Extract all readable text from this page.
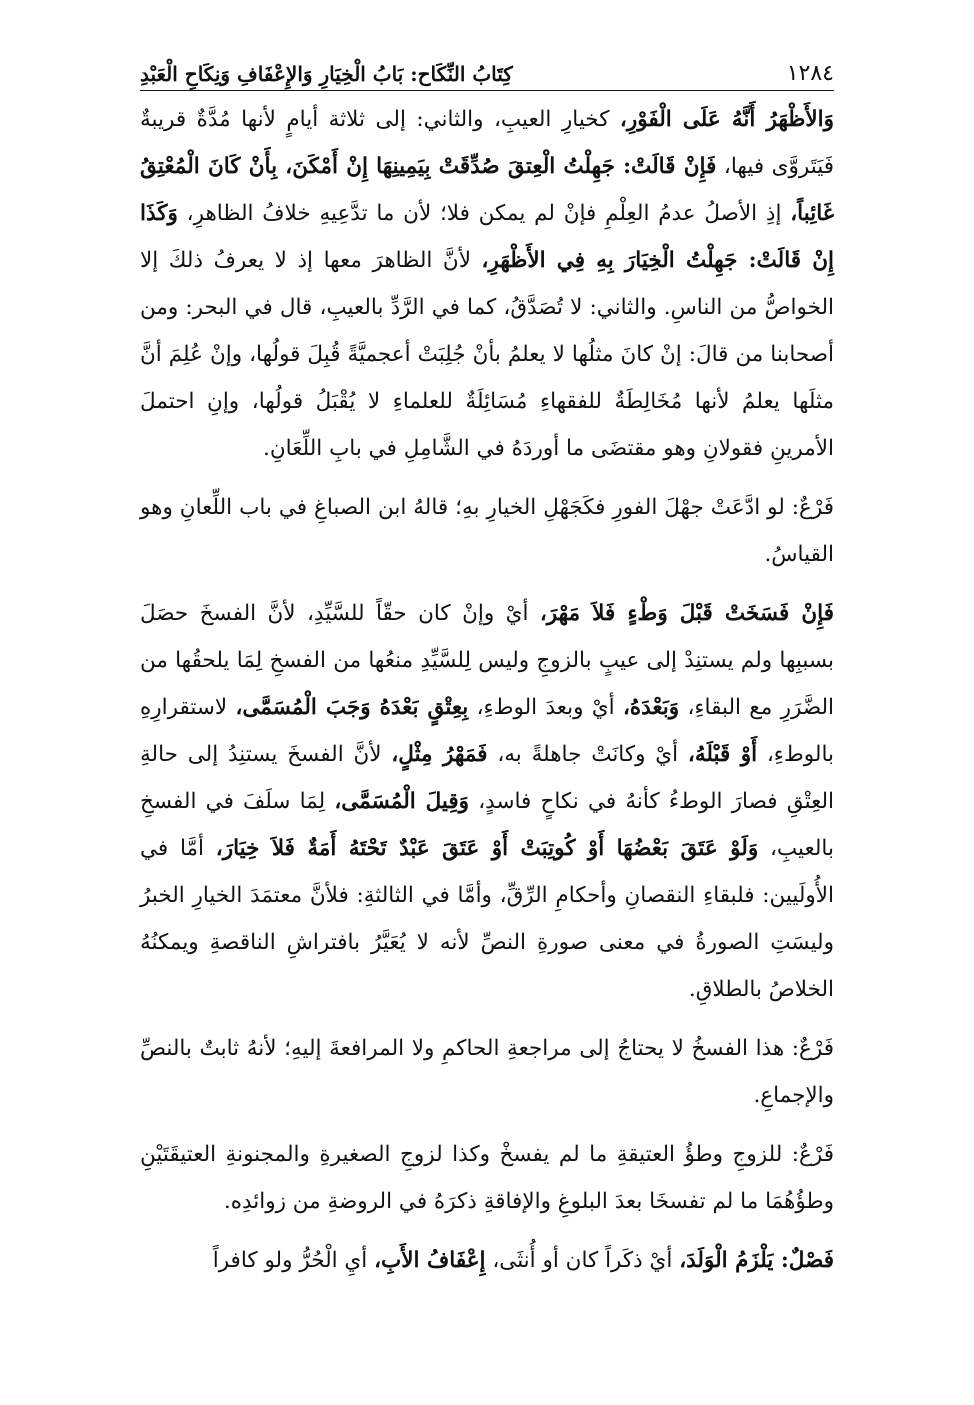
١٢٨٤
كِتَابُ النِّكَاح: بَابُ الْخِيَارِ وَالإِعْفَافِ وَنِكَاحِ الْعَبْدِ

وَالأَظْهَرُ أَنَّهُ عَلَى الْفَوْرِ، كخيارِ العيبِ، والثاني: إلى ثلاثة أيامٍ لأنها مُدَّةٌ قريبةٌ فَيَتَروَّى فيها، فَإِنْ قَالَتْ: جَهِلْتُ الْعِتقَ صُدِّقَتْ بِيَمِينِهَا إِنْ أَمْكَنَ، بِأَنْ كَانَ الْمُعْتِقُ غَائِباً، إذِ الأصلُ عدمُ العِلْمِ فإنْ لم يمكن فلا؛ لأن ما تدَّعِيهِ خلافُ الظاهرِ، وَكَذَا إِنْ قَالَتْ: جَهِلْتُ الْخِيَارَ بِهِ فِي الأَظْهَرِ، لأنَّ الظاهرَ معها إذ لا يعرفُ ذلكَ إلا الخواصُّ من الناسِ. والثاني: لا تُصَدَّقُ، كما في الرَّدِّ بالعيبِ، قال في البحر: ومن أصحابنا من قالَ: إنْ كانَ مثلُها لا يعلمُ بأنْ جُلِبَتْ أعجميَّةً قُبِلَ قولُها، وإنْ عُلِمَ أنَّ مثلَها يعلمُ لأنها مُخَالِطَةٌ للفقهاءِ مُسَائِلَةٌ للعلماءِ لا يُقْبَلُ قولُها، وإنِ احتملَ الأمرينِ فقولانِ وهو مقتضَى ما أوردَهُ في الشَّامِلِ في بابِ اللِّعَانِ.

فَرْعٌ: لو ادَّعَتْ جهْلَ الفورِ فكَجَهْلِ الخيارِ بهِ؛ قالهُ ابن الصباغِ في باب اللِّعانِ وهو القياسُ.

فَإِنْ فَسَخَتْ قَبْلَ وَطْءٍ فَلاَ مَهْرَ، أيْ وإنْ كان حقّاً للسَّيِّدِ، لأنَّ الفسخَ حصَلَ بسببِها ولم يستنِدْ إلى عيبٍ بالزوجِ وليس لِلسَّيِّدِ منعُها من الفسخِ لِمَا يلحقُها من الضَّرَرِ مع البقاءِ، وَبَعْدَهُ، أيْ وبعدَ الوطءِ، بِعِتْقٍ بَعْدَهُ وَجَبَ الْمُسَمَّى، لاستقرارِهِ بالوطءِ، أَوْ قَبْلَهُ، أيْ وكانَتْ جاهلةً به، فَمَهْرُ مِثْلٍ، لأنَّ الفسخَ يستنِدُ إلى حالةِ العِتْقِ فصارَ الوطءُ كأنهُ في نكاحٍ فاسدٍ، وَقِيلَ الْمُسَمَّى، لِمَا سلَفَ في الفسخِ بالعيبِ، وَلَوْ عَتَقَ بَعْضُهَا أَوْ كُوتِبَتْ أَوْ عَتَقَ عَبْدٌ تَحْتَهُ أَمَةٌ فَلاَ خِيَارَ، أمَّا في الأُولَيين: فلبقاءِ النقصانِ وأحكامِ الرِّقِّ، وأمَّا في الثالثةِ: فلأنَّ معتمَدَ الخيارِ الخبرُ وليسَتِ الصورةُ في معنى صورةِ النصِّ لأنه لا يُعَيَّرُ بافتراشِ الناقصةِ ويمكنُهُ الخلاصُ بالطلاقِ.

فَرْعٌ: هذا الفسخُ لا يحتاجُ إلى مراجعةِ الحاكمِ ولا المرافعةَ إليهِ؛ لأنهُ ثابتٌ بالنصِّ والإجماعِ.

فَرْعٌ: للزوجِ وطؤُ العتيقةِ ما لم يفسخْ وكذا لزوجِ الصغيرةِ والمجنونةِ العتيقَتَيْنِ وطؤُهُمَا ما لم تفسخَا بعدَ البلوغِ والإفاقةِ ذكرَهُ في الروضةِ من زوائدِه.

فَصْلٌ: يَلْزَمُ الْوَلَدَ، أيْ ذكَراً كان أو أُنثَى، إِعْفَافُ الأَبِ، أيِ الْحُرُّ ولو كافراً
